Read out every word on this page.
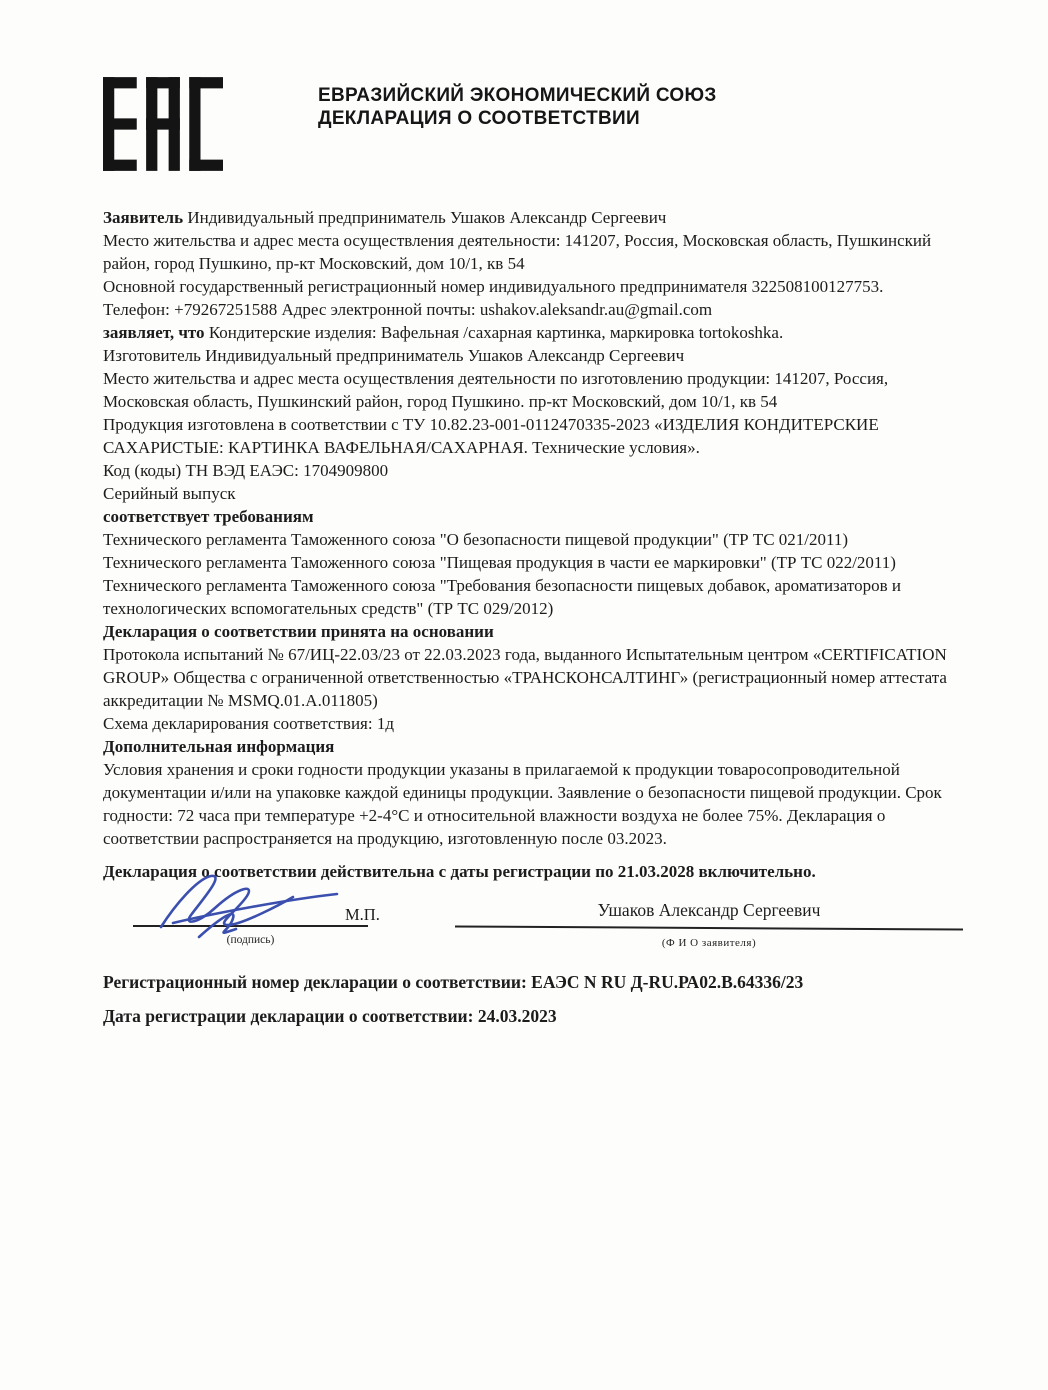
ЕВРАЗИЙСКИЙ ЭКОНОМИЧЕСКИЙ СОЮЗ
ДЕКЛАРАЦИЯ О СООТВЕТСТВИИ

Заявитель Индивидуальный предприниматель Ушаков Александр Сергеевич

Место жительства и адрес места осуществления деятельности: 141207, Россия, Московская область, Пушкинский район, город Пушкино, пр-кт Московский, дом 10/1, кв 54

Основной государственный регистрационный номер индивидуального предпринимателя 322508100127753.

Телефон: +79267251588 Адрес электронной почты: ushakov.aleksandr.au@gmail.com

заявляет, что Кондитерские изделия: Вафельная /сахарная картинка, маркировка tortokoshka.

Изготовитель Индивидуальный предприниматель Ушаков Александр Сергеевич

Место жительства и адрес места осуществления деятельности по изготовлению продукции: 141207, Россия, Московская область, Пушкинский район, город Пушкино. пр-кт Московский, дом 10/1, кв 54

Продукция изготовлена в соответствии с ТУ 10.82.23-001-0112470335-2023 «ИЗДЕЛИЯ КОНДИТЕРСКИЕ САХАРИСТЫЕ: КАРТИНКА ВАФЕЛЬНАЯ/САХАРНАЯ. Технические условия».

Код (коды) ТН ВЭД ЕАЭС: 1704909800

Серийный выпуск

соответствует требованиям

Технического регламента Таможенного союза "О безопасности пищевой продукции" (ТР ТС 021/2011)

Технического регламента Таможенного союза "Пищевая продукция в части ее маркировки" (ТР ТС 022/2011)

Технического регламента Таможенного союза "Требования безопасности пищевых добавок, ароматизаторов и технологических вспомогательных средств" (ТР ТС 029/2012)

Декларация о соответствии принята на основании

Протокола испытаний № 67/ИЦ-22.03/23 от 22.03.2023 года, выданного Испытательным центром «CERTIFICATION GROUP» Общества с ограниченной ответственностью «ТРАНСКОНСАЛТИНГ» (регистрационный номер аттестата аккредитации № MSMQ.01.A.011805)

Схема декларирования соответствия: 1д

Дополнительная информация

Условия хранения и сроки годности продукции указаны в прилагаемой к продукции товаросопроводительной документации и/или на упаковке каждой единицы продукции. Заявление о безопасности пищевой продукции. Срок годности: 72 часа при температуре +2-4°С и относительной влажности воздуха не более 75%. Декларация о соответствии распространяется на продукцию, изготовленную после 03.2023.

Декларация о соответствии действительна с даты регистрации по 21.03.2028 включительно.

(подпись)
М.П.	Ушаков Александр Сергеевич
(Ф И О заявителя)

Регистрационный номер декларации о соответствии: ЕАЭС N RU Д-RU.РА02.В.64336/23

Дата регистрации декларации о соответствии: 24.03.2023
